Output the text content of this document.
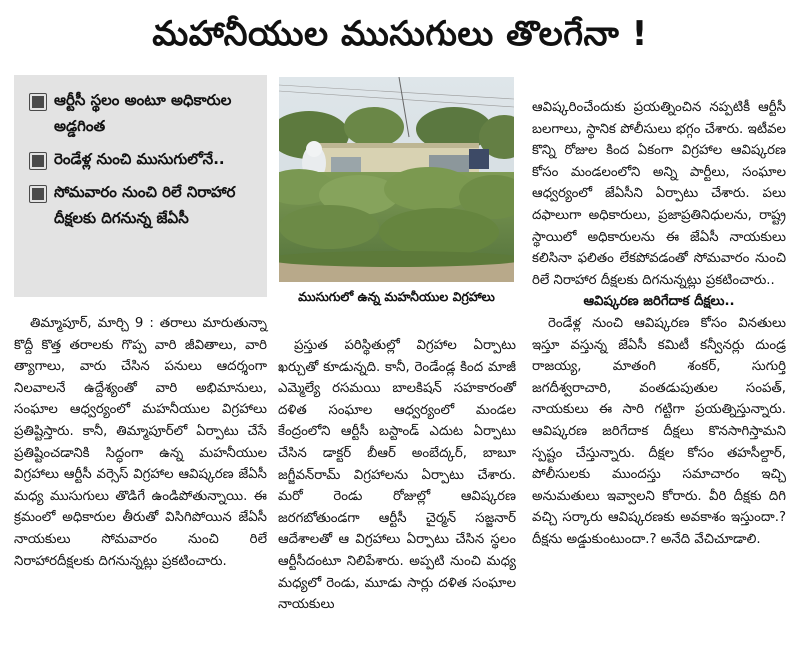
మహానీయుల ముసుగులు తొలగేనా !
ఆర్టీసీ స్థలం అంటూ అధికారుల అడ్డగింత
రెండేళ్ల నుంచి ముసుగులోనే..
సోమవారం నుంచి రిలే నిరాహార దీక్షలకు దిగనున్న జేఏసీ
ముసుగులో ఉన్న మహనీయుల విగ్రహాలు

తిమ్మాపూర్, మార్చి 9 : తరాలు మారుతున్నా కొద్దీ కొత్త తరాలకు గొప్ప వారి జీవితాలు, వారి త్యాగాలు, వారు చేసిన పనులు ఆదర్శంగా నిలవాలనే ఉద్దేశ్యంతో వారి అభిమానులు, సంఘాల ఆధ్వర్యంలో మహనీయుల విగ్రహాలు ప్రతిష్టిస్తారు. కానీ, తిమ్మాపూర్‌లో ఏర్పాటు చేసే ప్రతిష్టించడానికి సిద్ధంగా ఉన్న మహనీయుల విగ్రహాలు ఆర్టీసీ వర్సెస్ విగ్రహాల ఆవిష్కరణ జేఏసీ మధ్య ముసుగులు తొడిగే ఉండిపోతున్నాయి. ఈ క్రమంలో అధికారుల తీరుతో విసిగిపోయిన జేఏసీ నాయకులు సోమవారం నుంచి రిలే నిరాహారదీక్షలకు దిగనున్నట్లు ప్రకటించారు.

ప్రస్తుత పరిస్థితుల్లో విగ్రహాల ఏర్పాటు ఖర్చుతో కూడున్నది. కానీ, రెండేండ్ల కింద మాజీ ఎమ్మెల్యే రసమయి బాలకిషన్ సహకారంతో దళిత సంఘాల ఆధ్వర్యంలో మండల కేంద్రంలోని ఆర్టీసీ బస్టాండ్ ఎదుట ఏర్పాటు చేసిన డాక్టర్ బీఆర్ అంబేద్కర్, బాబూ జగ్జీవన్‌రామ్ విగ్రహాలను ఏర్పాటు చేశారు. మరో రెండు రోజుల్లో ఆవిష్కరణ జరగబోతుండగా ఆర్టీసీ చైర్మన్ సజ్జనార్ ఆదేశాలతో ఆ విగ్రహాలు ఏర్పాటు చేసిన స్థలం ఆర్టీసీదంటూ నిలిపేశారు. అప్పటి నుంచి మధ్య మధ్యలో రెండు, మూడు సార్లు దళిత సంఘాల నాయకులు

ఆవిష్కరించేందుకు ప్రయత్నించిన నప్పటికీ ఆర్టీసీ బలగాలు, స్థానిక పోలీసులు భగ్గం చేశారు. ఇటీవల కొన్ని రోజుల కింద ఏకంగా విగ్రహాల ఆవిష్కరణ కోసం మండలంలోని అన్ని పార్టీలు, సంఘాల ఆధ్వర్యంలో జేఏసీని ఏర్పాటు చేశారు. పలు దఫాలుగా అధికారులు, ప్రజాప్రతినిధులను, రాష్ట్ర స్థాయిలో అధికారులను ఈ జేఏసీ నాయకులు కలిసినా ఫలితం లేకపోవడంతో సోమవారం నుంచి రిలే నిరాహార దీక్షలకు దిగనున్నట్లు ప్రకటించారు..

ఆవిష్కరణ జరిగేదాక దీక్షలు..

రెండేళ్ల నుంచి ఆవిష్కరణ కోసం వినతులు ఇస్తూ వస్తున్న జేఏసీ కమిటీ కన్వీనర్లు దుండ్ర రాజయ్య, మాతంగి శంకర్, సుగుర్తి జగదీశ్వరాచారి, వంతడుపుతుల సంపత్, నాయకులు ఈ సారి గట్టిగా ప్రయత్నిస్తున్నారు. ఆవిష్కరణ జరిగేదాక దీక్షలు కొనసాగిస్తామని స్పష్టం చేస్తున్నారు. దీక్షల కోసం తహసీల్దార్, పోలీసులకు ముందస్తు సమాచారం ఇచ్చి అనుమతులు ఇవ్వాలని కోరారు. వీరి దీక్షకు దిగి వచ్చి సర్కారు ఆవిష్కరణకు అవకాశం ఇస్తుందా.? దీక్షను అడ్డుకుంటుందా.? అనేది వేచిచూడాలి.
